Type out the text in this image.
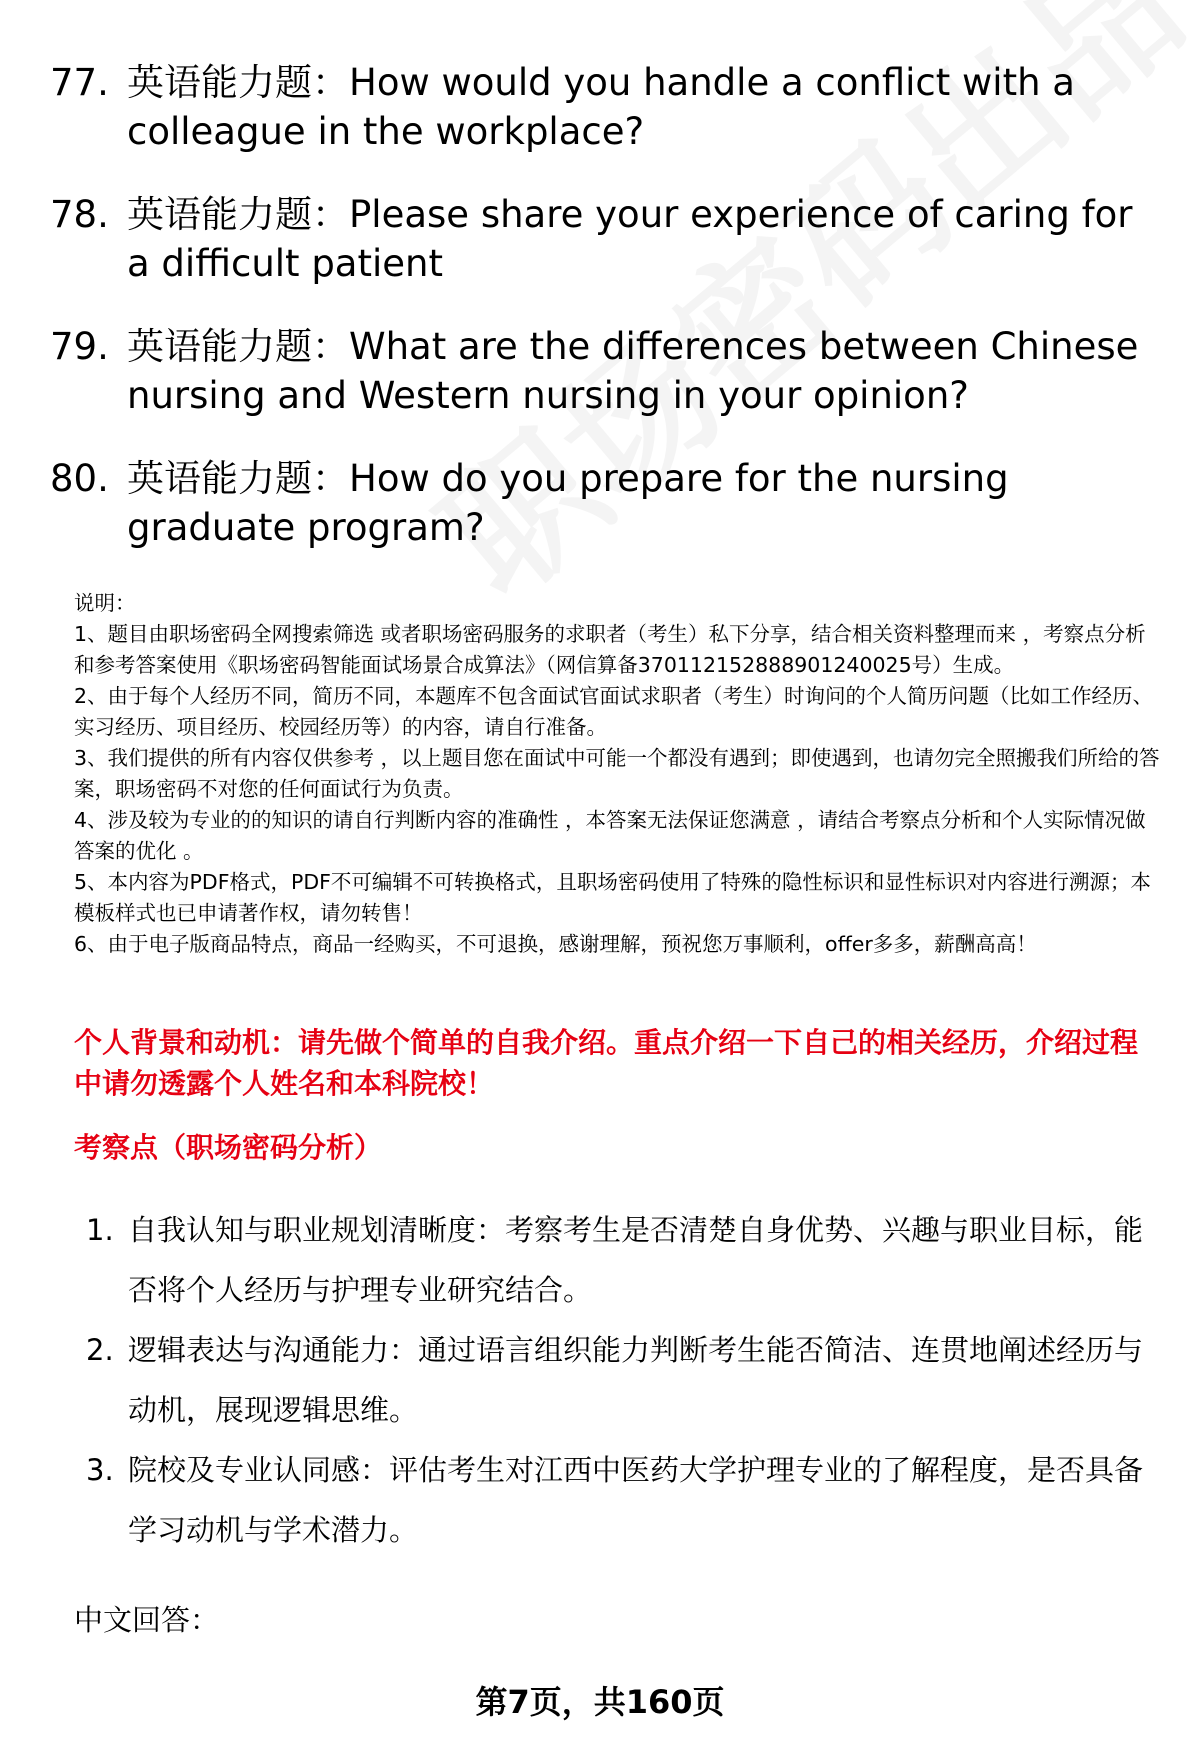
77. 英语能力题：How would you handle a conflict with a colleague in the workplace?
78. 英语能力题：Please share your experience of caring for a difficult patient
79. 英语能力题：What are the differences between Chinese nursing and Western nursing in your opinion?
80. 英语能力题：How do you prepare for the nursing graduate program?

说明：

1、题目由职场密码全网搜索筛选 或者职场密码服务的求职者（考生）私下分享，结合相关资料整理而来 ，考察点分析和参考答案使用《职场密码智能面试场景合成算法》（网信算备370112152888901240025号）生成。

2、由于每个人经历不同，简历不同，本题库不包含面试官面试求职者（考生）时询问的个人简历问题（比如工作经历、实习经历、项目经历、校园经历等）的内容，请自行准备。

3、我们提供的所有内容仅供参考 ，以上题目您在面试中可能一个都没有遇到；即使遇到，也请勿完全照搬我们所给的答案，职场密码不对您的任何面试行为负责。

4、涉及较为专业的的知识的请自行判断内容的准确性 ，本答案无法保证您满意 ，请结合考察点分析和个人实际情况做答案的优化 。

5、本内容为PDF格式，PDF不可编辑不可转换格式，且职场密码使用了特殊的隐性标识和显性标识对内容进行溯源；本模板样式也已申请著作权，请勿转售！

6、由于电子版商品特点，商品一经购买，不可退换，感谢理解，预祝您万事顺利，offer多多，薪酬高高！

个人背景和动机：请先做个简单的自我介绍。重点介绍一下自己的相关经历，介绍过程中请勿透露个人姓名和本科院校！
考察点（职场密码分析）
1. 自我认知与职业规划清晰度：考察考生是否清楚自身优势、兴趣与职业目标，能否将个人经历与护理专业研究结合。
2. 逻辑表达与沟通能力：通过语言组织能力判断考生能否简洁、连贯地阐述经历与动机，展现逻辑思维。
3. 院校及专业认同感：评估考生对江西中医药大学护理专业的了解程度，是否具备学习动机与学术潜力。
中文回答：
第7页，共160页
